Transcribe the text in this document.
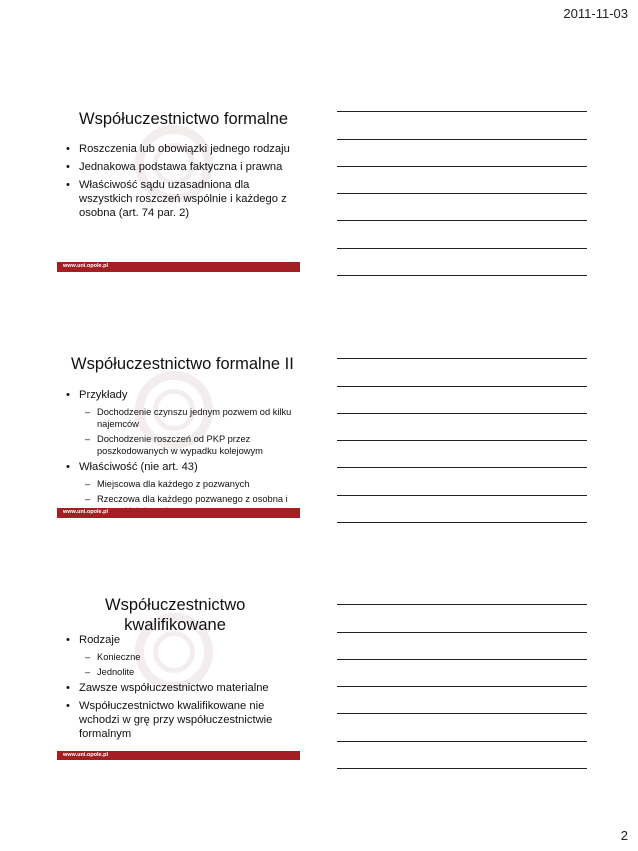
2011-11-03
Współuczestnictwo formalne
• Roszczenia lub obowiązki jednego rodzaju
• Jednakowa podstawa faktyczna i prawna
• Właściwość sądu uzasadniona dla wszystkich roszczeń wspólnie i każdego z osobna (art. 74 par. 2)
www.uni.opole.pl
Współuczestnictwo formalne II
• Przykłady
– Dochodzenie czynszu jednym pozwem od kilku najemców
– Dochodzenie roszczeń od PKP przez poszkodowanych w wypadku kolejowym
• Właściwość (nie art. 43)
– Miejscowa dla każdego z pozwanych
– Rzeczowa dla każdego pozwanego z osobna i
www.uni.opole.pl
Współuczestnictwo kwalifikowane
• Rodzaje
– Konieczne
– Jednolite
• Zawsze współuczestnictwo materialne
• Współuczestnictwo kwalifikowane nie wchodzi w grę przy współuczestnictwie formalnym
www.uni.opole.pl
2
